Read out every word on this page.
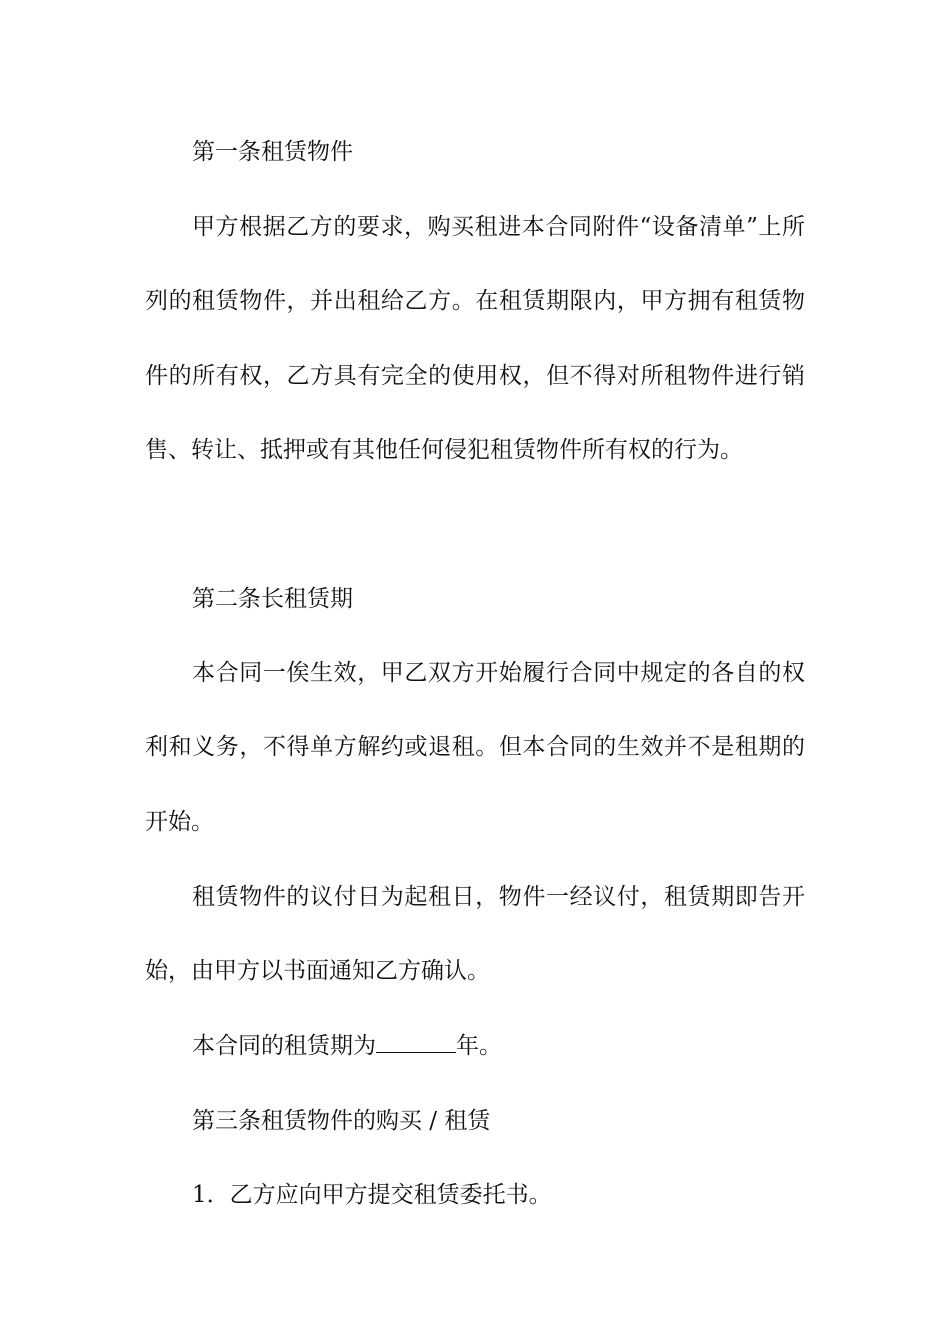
第一条租赁物件

甲方根据乙方的要求，购买租进本合同附件“设备清单”上所列的租赁物件，并出租给乙方。在租赁期限内，甲方拥有租赁物件的所有权，乙方具有完全的使用权，但不得对所租物件进行销售、转让、抵押或有其他任何侵犯租赁物件所有权的行为。

第二条长租赁期

本合同一俟生效，甲乙双方开始履行合同中规定的各自的权利和义务，不得单方解约或退租。但本合同的生效并不是租期的开始。

租赁物件的议付日为起租日，物件一经议付，租赁期即告开始，由甲方以书面通知乙方确认。

本合同的租赁期为	年。

第三条租赁物件的购买 / 租赁

1．乙方应向甲方提交租赁委托书。
